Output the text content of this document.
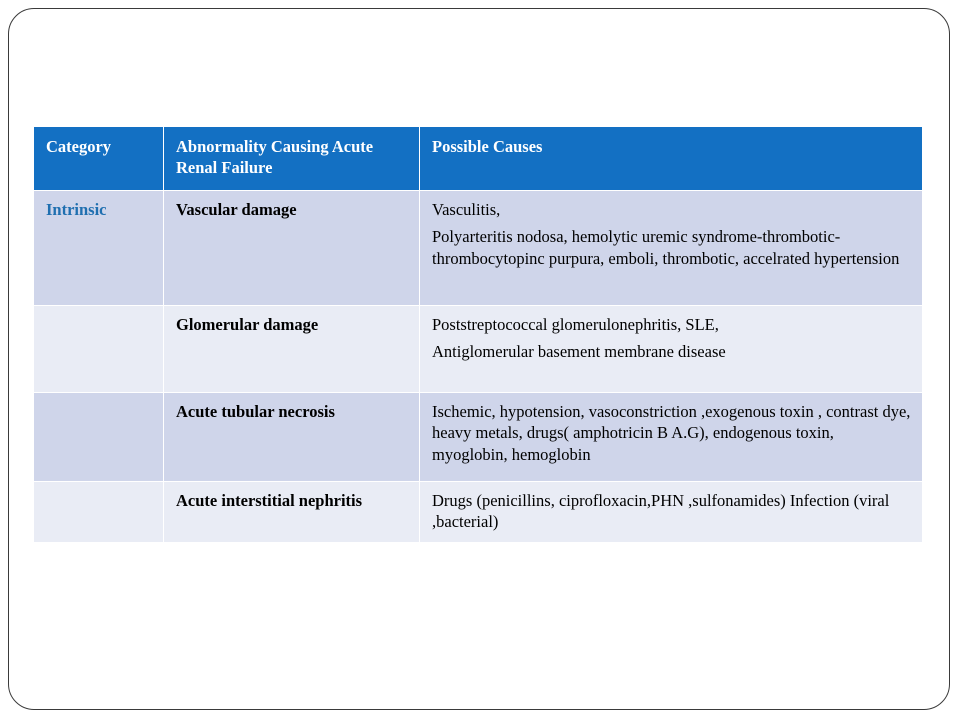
Category	Abnormality Causing Acute Renal Failure	Possible Causes
Intrinsic	Vascular damage	Vasculitis,

Polyarteritis nodosa, hemolytic uremic syndrome-thrombotic-thrombocytopinc purpura, emboli, thrombotic, accelrated hypertension

	Glomerular damage	Poststreptococcal glomerulonephritis, SLE,

Antiglomerular basement membrane disease

	Acute tubular necrosis	Ischemic, hypotension, vasoconstriction ,exogenous toxin , contrast dye, heavy metals, drugs( amphotricin B A.G), endogenous toxin, myoglobin, hemoglobin

	Acute interstitial nephritis	Drugs (penicillins, ciprofloxacin,PHN ,sulfonamides) Infection (viral ,bacterial)
